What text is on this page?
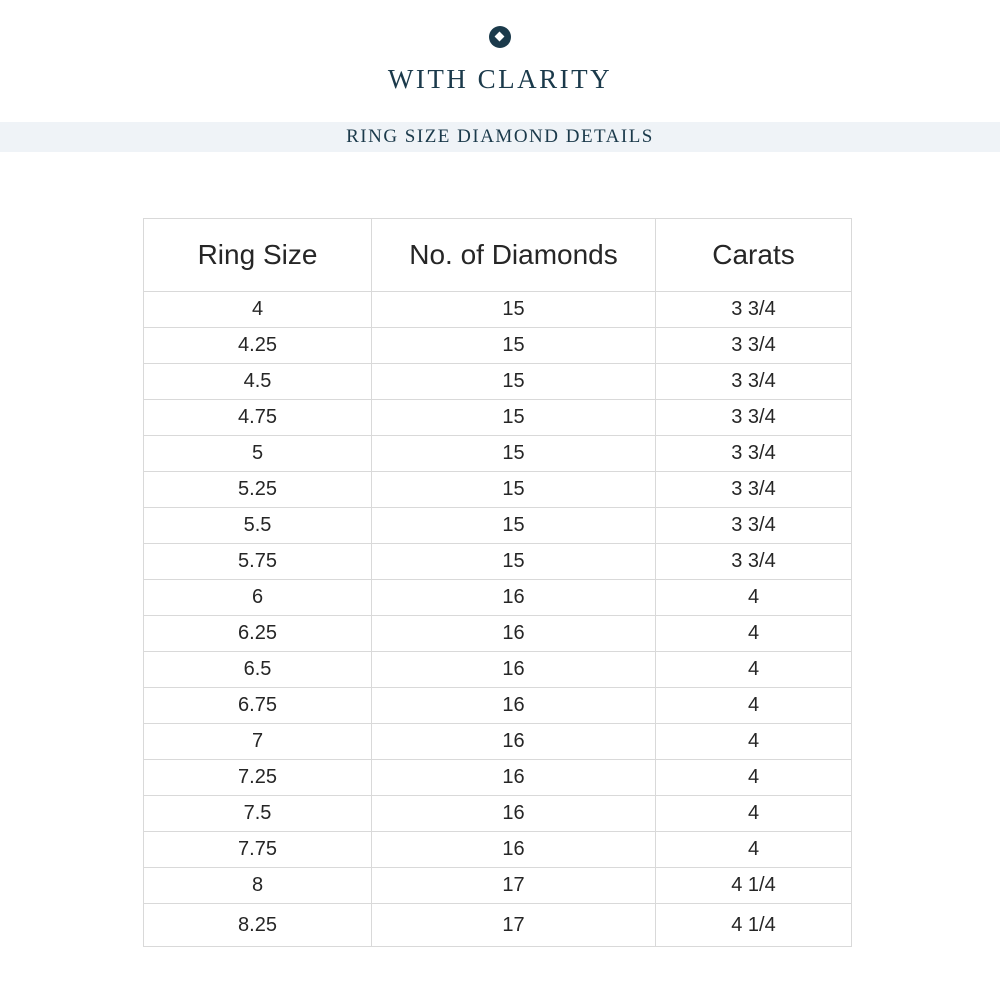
WITH CLARITY
RING SIZE DIAMOND DETAILS
Ring Size	No. of Diamonds	Carats
4	15	3 3/4
4.25	15	3 3/4
4.5	15	3 3/4
4.75	15	3 3/4
5	15	3 3/4
5.25	15	3 3/4
5.5	15	3 3/4
5.75	15	3 3/4
6	16	4
6.25	16	4
6.5	16	4
6.75	16	4
7	16	4
7.25	16	4
7.5	16	4
7.75	16	4
8	17	4 1/4
8.25	17	4 1/4
